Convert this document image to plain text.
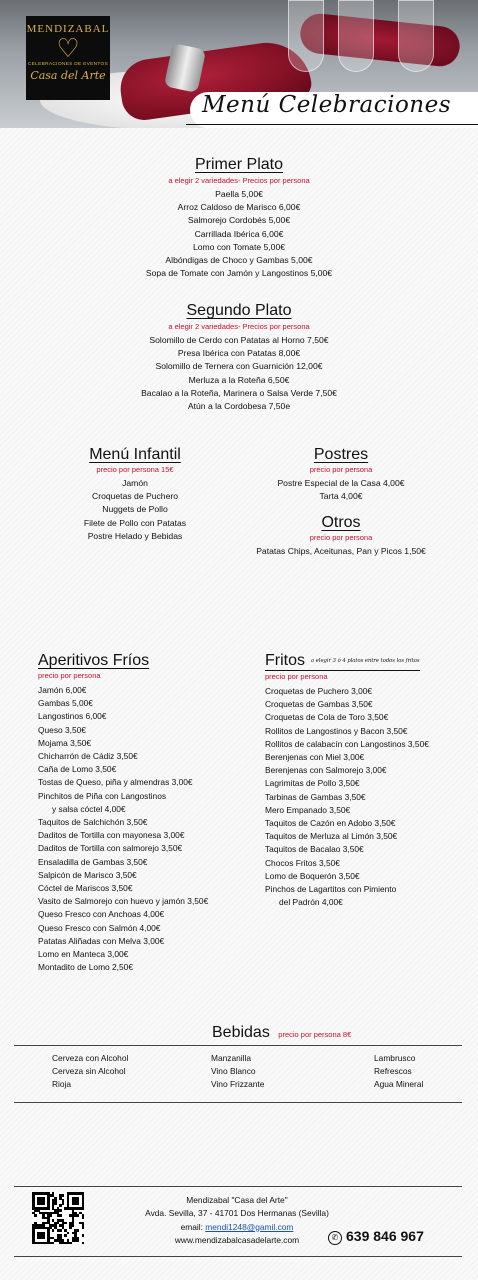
MENDIZABAL
♡
CELEBRACIONES DE EVENTOS
Casa del Arte
Menú Celebraciones
Primer Plato
a elegir 2 variedades- Precios por persona
Paella 5,00€
Arroz Caldoso de Marisco 6,00€
Salmorejo Cordobés 5,00€
Carrillada Ibérica 6,00€
Lomo con Tomate 5,00€
Albóndigas de Choco y Gambas 5,00€
Sopa de Tomate con Jamón y Langostinos 5,00€
Segundo Plato
a elegir 2 variedades- Precios por persona
Solomillo de Cerdo con Patatas al Horno 7,50€
Presa Ibérica con Patatas 8,00€
Solomillo de Ternera con Guarnición 12,00€
Merluza a la Roteña 6,50€
Bacalao a la Roteña, Marinera o Salsa Verde 7,50€
Atún a la Cordobesa 7,50e
Menú Infantil
precio por persona 15€
Jamón
Croquetas de Puchero
Nuggets de Pollo
Filete de Pollo con Patatas
Postre Helado y Bebidas
Postres
precio por persona
Postre Especial de la Casa 4,00€
Tarta 4,00€
Otros
precio por persona
Patatas Chips, Aceitunas, Pan y Picos 1,50€
Aperitivos Fríos
precio por persona
Jamón 6,00€
Gambas 5,00€
Langostinos 6,00€
Queso 3,50€
Mojama 3,50€
Chicharrón de Cádiz 3,50€
Caña de Lomo 3,50€
Tostas de Queso, piña y almendras 3,00€
Pinchitos de Piña con Langostinos
y salsa cóctel 4,00€
Taquitos de Salchichón 3,50€
Daditos de Tortilla con mayonesa 3,00€
Daditos de Tortilla con salmorejo 3,50€
Ensaladilla de Gambas 3,50€
Salpicón de Marisco 3,50€
Cóctel de Mariscos 3,50€
Vasito de Salmorejo con huevo y jamón 3,50€
Queso Fresco con Anchoas 4,00€
Queso Fresco con Salmón 4,00€
Patatas Aliñadas con Melva 3,00€
Lomo en Manteca 3,00€
Montadito de Lomo 2,50€
Fritos a elegir 3 ó 4 platos entre todos los fritos
precio por persona
Croquetas de Puchero 3,00€
Croquetas de Gambas 3,50€
Croquetas de Cola de Toro 3,50€
Rollitos de Langostinos y Bacon 3,50€
Rollitos de calabacín con Langostinos 3,50€
Berenjenas con Miel 3,00€
Berenjenas con Salmorejo 3,00€
Lagrimitas de Pollo 3,50€
Tarbinas de Gambas 3,50€
Mero Empanado 3,50€
Taquitos de Cazón en Adobo 3,50€
Taquitos de Merluza al Limón 3,50€
Taquitos de Bacalao 3,50€
Chocos Fritos 3,50€
Lomo de Boquerón 3,50€
Pinchos de Lagartitos con Pimiento
del Padrón 4,00€
Bebidas precio por persona 8€
Cerveza con Alcohol
Cerveza sin Alcohol
Rioja
Manzanilla
Vino Blanco
Vino Frizzante
Lambrusco
Refrescos
Agua Mineral
Mendizabal "Casa del Arte"
Avda. Sevilla, 37 - 41701 Dos Hermanas (Sevilla)
email: mendi1248@gamil.com
www.mendizabalcasadelarte.com	✆ 639 846 967
